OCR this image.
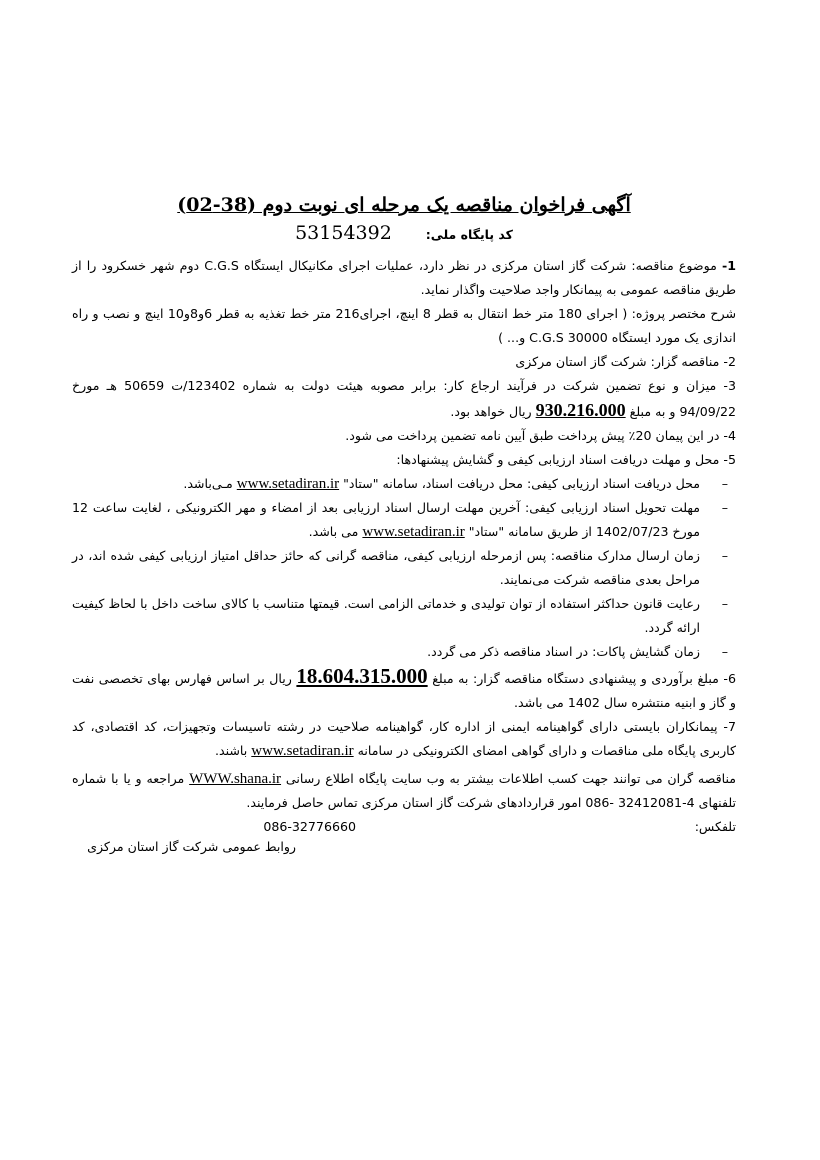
آگهی فراخوان مناقصه یک مرحله ای نوبت دوم (38-02)
کد پایگاه ملی: 53154392

1- موضوع مناقصه: شرکت گاز استان مرکزی در نظر دارد، عملیات اجرای مکانیکال ایستگاه C.G.S دوم شهر خسکرود را از طریق مناقصه عمومی به پیمانکار واجد صلاحیت واگذار نماید.

شرح مختصر پروژه: ( اجرای 180 متر خط انتقال به قطر 8 اینچ، اجرای216 متر خط تغذیه به قطر 6و8و10 اینچ و نصب و راه اندازی یک مورد ایستگاه C.G.S 30000 و... )

2- مناقصه گزار: شرکت گاز استان مرکزی

3- میزان و نوع تضمین شرکت در فرآیند ارجاع کار: برابر مصوبه هیئت دولت به شماره 123402/ت 50659 هـ مورخ 94/09/22 و به مبلغ 930.216.000 ریال خواهد بود.

4- در این پیمان 20٪ پیش پرداخت طبق آیین نامه تضمین پرداخت می شود.

5- محل و مهلت دریافت اسناد ارزیابی کیفی و گشایش پیشنهادها:

–
محل دریافت اسناد ارزیابی کیفی: محل دریافت اسناد، سامانه "ستاد" www.setadiran.ir مـی‌باشد.

–
مهلت تحویل اسناد ارزیابی کیفی: آخرین مهلت ارسال اسناد ارزیابی بعد از امضاء و مهر الکترونیکی ، لغایت ساعت 12 مورخ 1402/07/23 از طریق سامانه "ستاد" www.setadiran.ir می باشد.

–
زمان ارسال مدارک مناقصه: پس ازمرحله ارزیابی کیفی، مناقصه گرانی که حائز حداقل امتیاز ارزیابی کیفی شده اند، در مراحل بعدی مناقصه شرکت می‌نمایند.

–
رعایت قانون حداکثر استفاده از توان تولیدی و خدماتی الزامی است. قیمتها متناسب با کالای ساخت داخل با لحاظ کیفیت ارائه گردد.

–
زمان گشایش پاکات: در اسناد مناقصه ذکر می گردد.

6- مبلغ برآوردی و پیشنهادی دستگاه مناقصه گزار: به مبلغ 18.604.315.000 ریال بر اساس فهارس بهای تخصصی نفت و گاز و ابنیه منتشره سال 1402 می باشد.

7- پیمانکاران بایستی دارای گواهینامه ایمنی از اداره کار، گواهینامه صلاحیت در رشته تاسیسات وتجهیزات، کد اقتصادی، کد کاربری پایگاه ملی مناقصات و دارای گواهی امضای الکترونیکی در سامانه www.setadiran.ir باشند.

مناقصه گران می توانند جهت کسب اطلاعات بیشتر به وب سایت پایگاه اطلاع رسانی WWW.shana.ir مراجعه و یا با شماره تلفنهای 4-32412081 -086 امور قراردادهای شرکت گاز استان مرکزی تماس حاصل فرمایند.

تلفکس:
086-32776660
روابط عمومی شرکت گاز استان مرکزی
